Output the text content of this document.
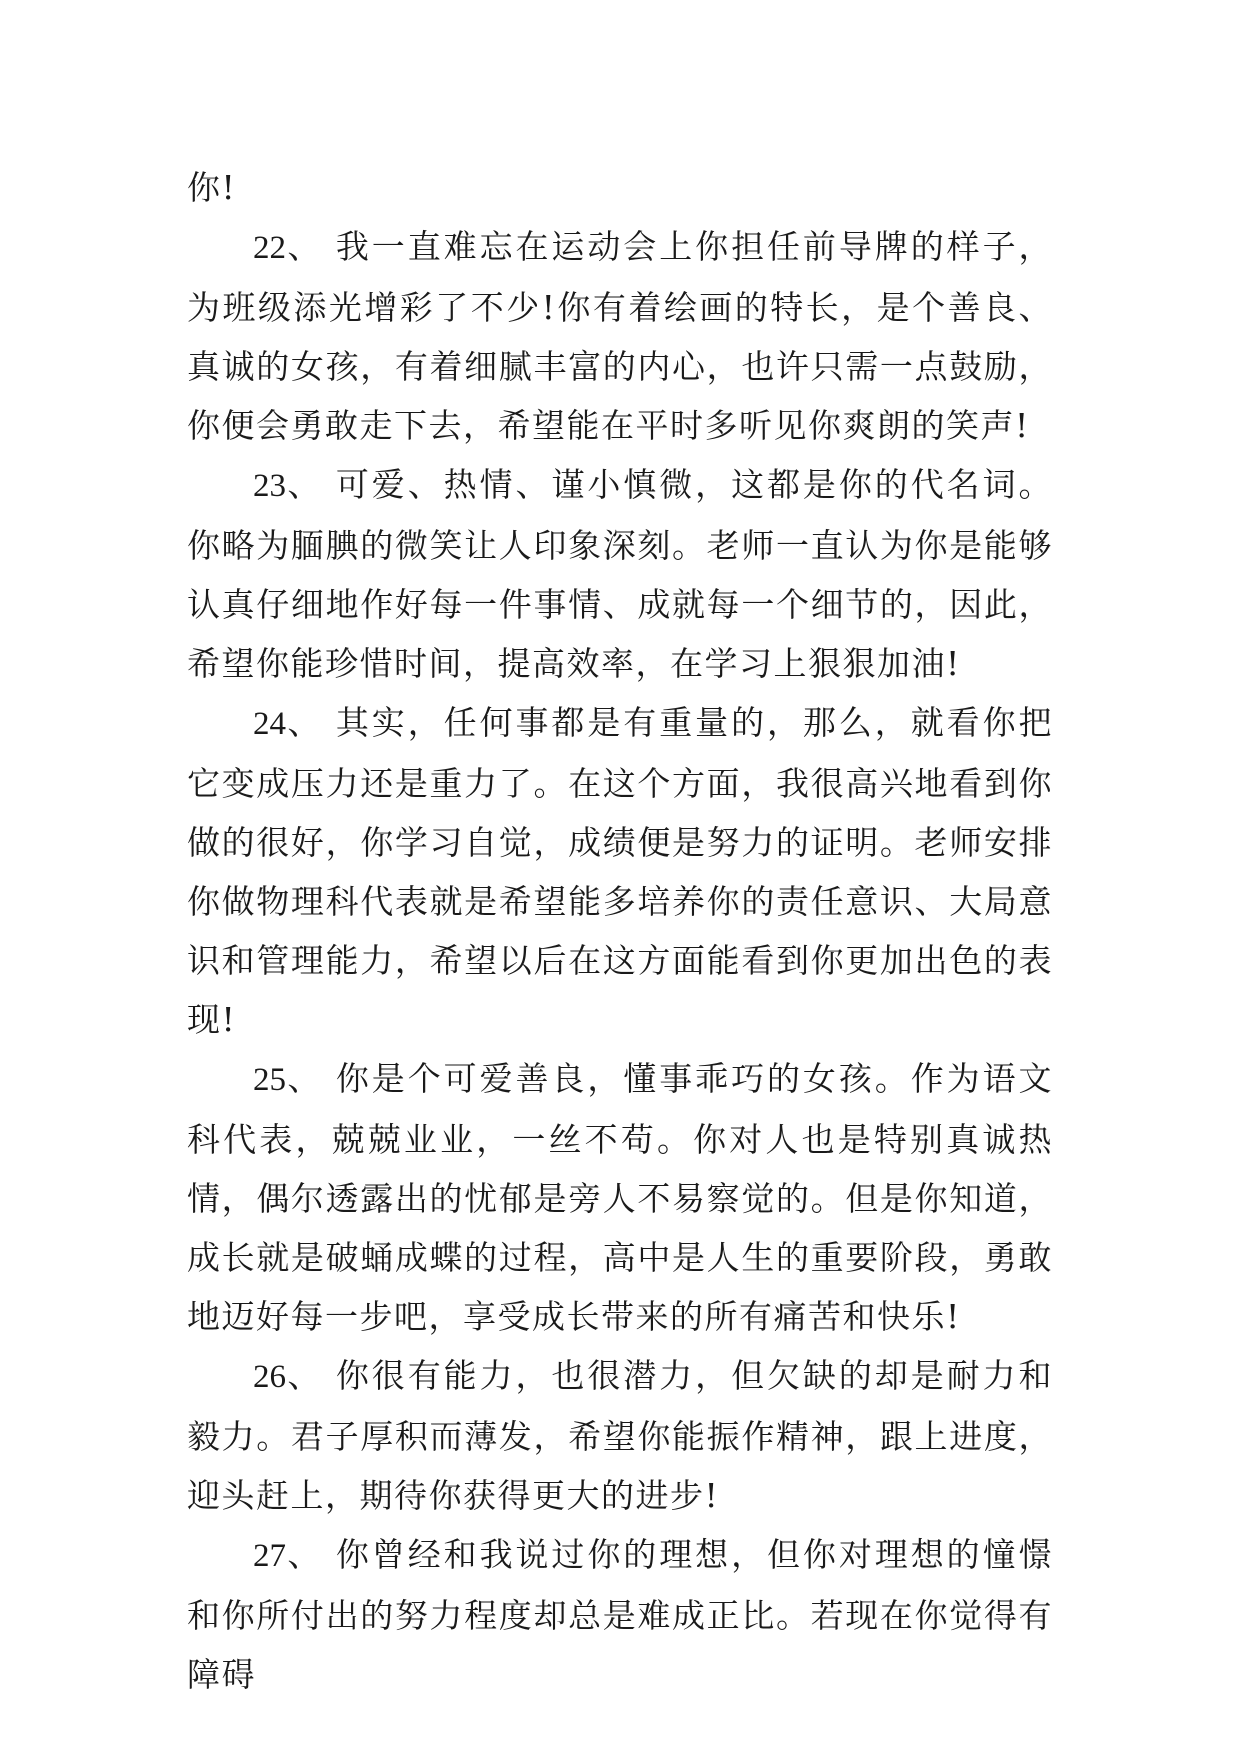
你!

22、 我一直难忘在运动会上你担任前导牌的样子，为班级添光增彩了不少!你有着绘画的特长，是个善良、真诚的女孩，有着细腻丰富的内心，也许只需一点鼓励，你便会勇敢走下去，希望能在平时多听见你爽朗的笑声!

23、 可爱、热情、谨小慎微，这都是你的代名词。你略为腼腆的微笑让人印象深刻。老师一直认为你是能够认真仔细地作好每一件事情、成就每一个细节的，因此，希望你能珍惜时间，提高效率，在学习上狠狠加油!

24、 其实，任何事都是有重量的，那么，就看你把它变成压力还是重力了。在这个方面，我很高兴地看到你做的很好，你学习自觉，成绩便是努力的证明。老师安排你做物理科代表就是希望能多培养你的责任意识、大局意识和管理能力，希望以后在这方面能看到你更加出色的表现!

25、 你是个可爱善良，懂事乖巧的女孩。作为语文科代表，兢兢业业，一丝不苟。你对人也是特别真诚热情，偶尔透露出的忧郁是旁人不易察觉的。但是你知道，成长就是破蛹成蝶的过程，高中是人生的重要阶段，勇敢地迈好每一步吧，享受成长带来的所有痛苦和快乐!

26、 你很有能力，也很潜力，但欠缺的却是耐力和毅力。君子厚积而薄发，希望你能振作精神，跟上进度，迎头赶上，期待你获得更大的进步!

27、 你曾经和我说过你的理想，但你对理想的憧憬和你所付出的努力程度却总是难成正比。若现在你觉得有障碍
